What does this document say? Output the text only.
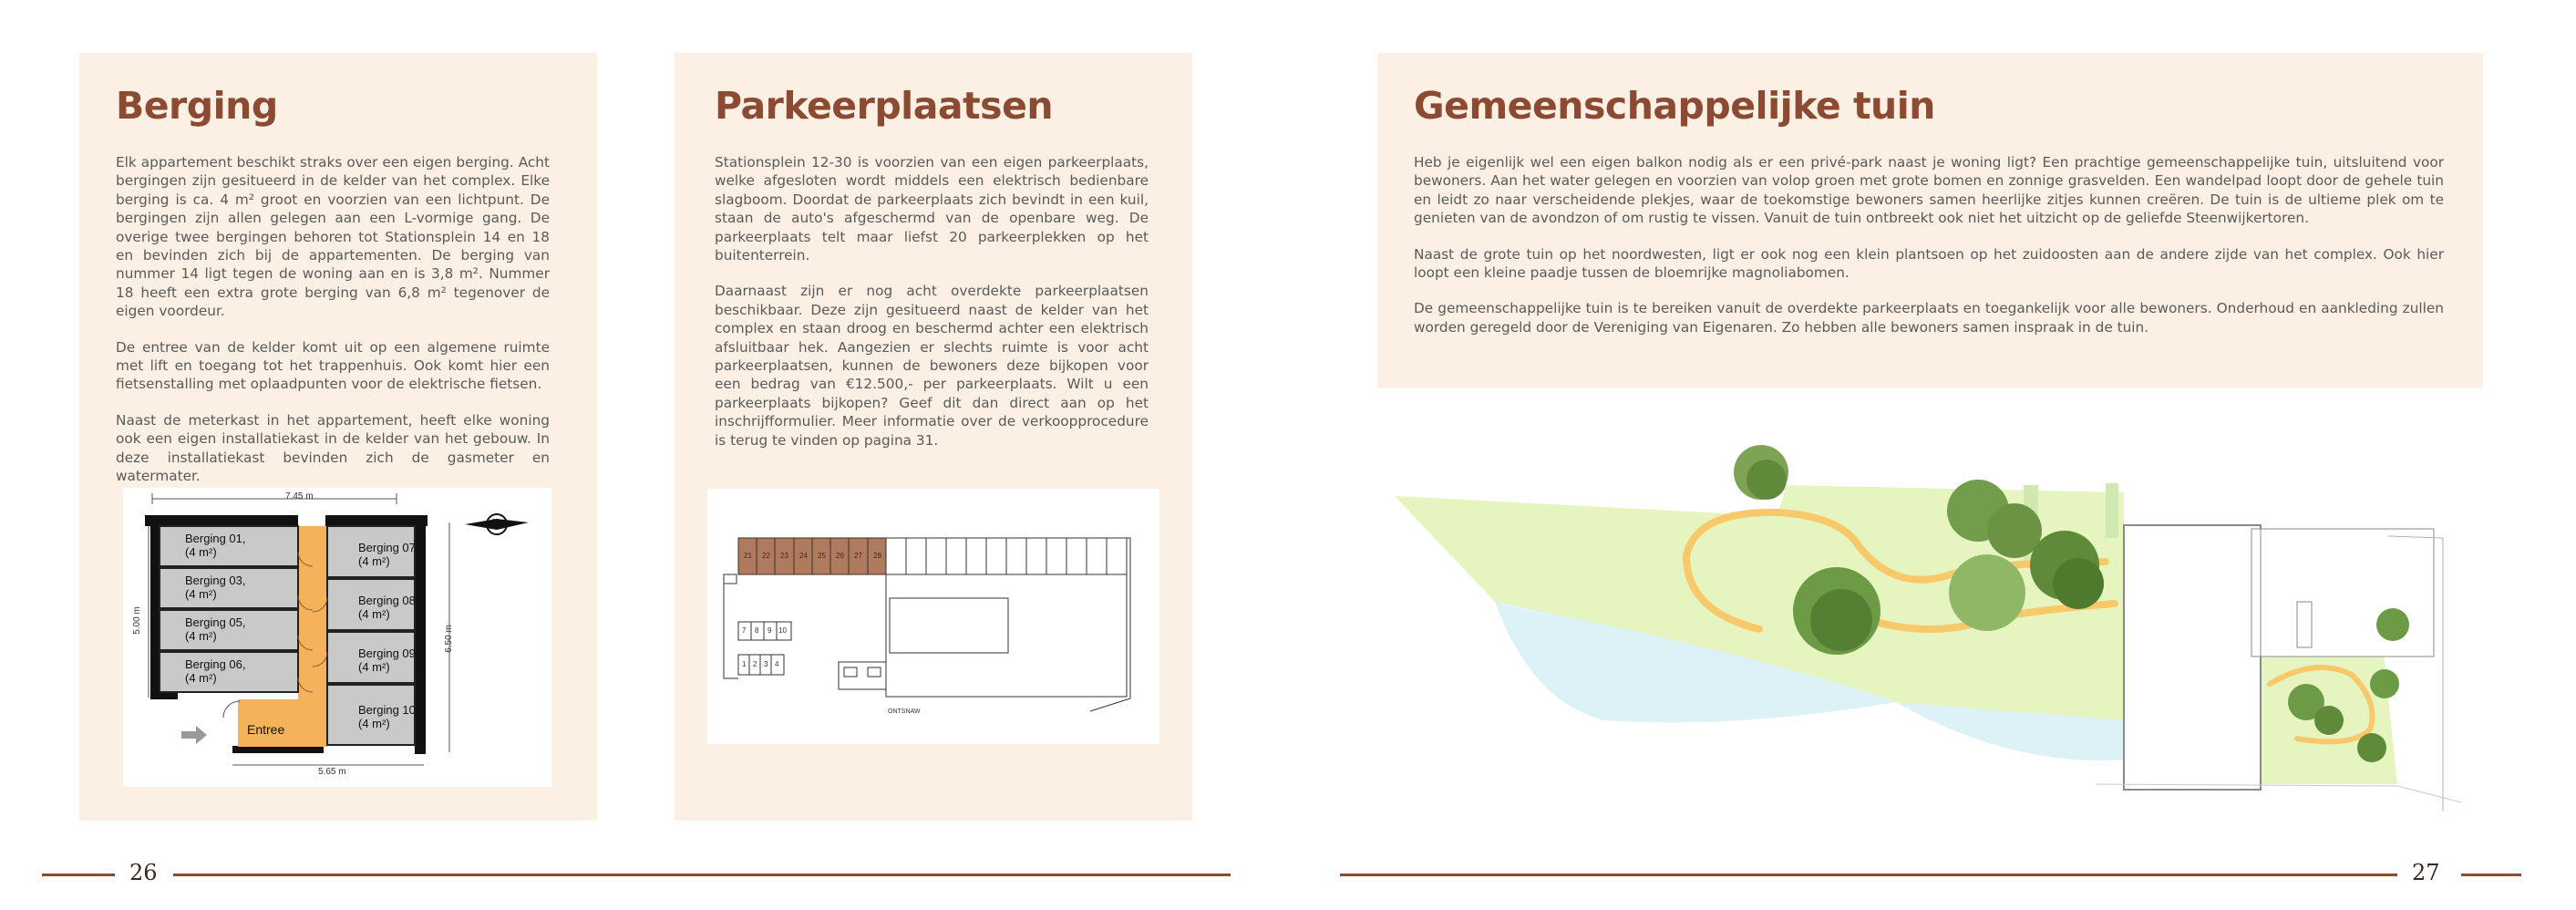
Berging

Elk appartement beschikt straks over een eigen berging. Acht bergingen zijn gesitueerd in de kelder van het complex. Elke berging is ca. 4 m² groot en voorzien van een lichtpunt. De bergingen zijn allen gelegen aan een L-vormige gang. De overige twee bergingen behoren tot Stationsplein 14 en 18 en bevinden zich bij de appartementen. De berging van nummer 14 ligt tegen de woning aan en is 3,8 m². Nummer 18 heeft een extra grote berging van 6,8 m² tegenover de eigen voordeur.

De entree van de kelder komt uit op een algemene ruimte met lift en toegang tot het trappenhuis. Ook komt hier een fietsenstalling met oplaadpunten voor de elektrische fietsen.

Naast de meterkast in het appartement, heeft elke woning ook een eigen installatiekast in de kelder van het gebouw. In deze installatiekast bevinden zich de gasmeter en watermater.

7.45 m
5.00 m
6.50 m
5.65 m
N
Berging 01,
(4 m²)
Berging 03,
(4 m²)
Berging 05,
(4 m²)
Berging 06,
(4 m²)
Berging 07,
(4 m²)
Berging 08,
(4 m²)
Berging 09,
(4 m²)
Berging 10,
(4 m²)
Entree
Parkeerplaatsen

Stationsplein 12-30 is voorzien van een eigen parkeerplaats, welke afgesloten wordt middels een elektrisch bedienbare slagboom. Doordat de parkeerplaats zich bevindt in een kuil, staan de auto's afgeschermd van de openbare weg. De parkeerplaats telt maar liefst 20 parkeerplekken op het buitenterrein.

Daarnaast zijn er nog acht overdekte parkeerplaatsen beschikbaar. Deze zijn gesitueerd naast de kelder van het complex en staan droog en beschermd achter een elektrisch afsluitbaar hek. Aangezien er slechts ruimte is voor acht parkeerplaatsen, kunnen de bewoners deze bijkopen voor een bedrag van €12.500,- per parkeerplaats. Wilt u een parkeerplaats bijkopen? Geef dit dan direct aan op het inschrijfformulier. Meer informatie over de verkoopprocedure is terug te vinden op pagina 31.

21 22 23 24 25 26 27 28
7 8 9 10
1 2 3 4
ONTSNAW
26
Gemeenschappelijke tuin

Heb je eigenlijk wel een eigen balkon nodig als er een privé-park naast je woning ligt? Een prachtige gemeenschappelijke tuin, uitsluitend voor bewoners. Aan het water gelegen en voorzien van volop groen met grote bomen en zonnige grasvelden. Een wandelpad loopt door de gehele tuin en leidt zo naar verscheidende plekjes, waar de toekomstige bewoners samen heerlijke zitjes kunnen creëren. De tuin is de ultieme plek om te genieten van de avondzon of om rustig te vissen. Vanuit de tuin ontbreekt ook niet het uitzicht op de geliefde Steenwijkertoren.

Naast de grote tuin op het noordwesten, ligt er ook nog een klein plantsoen op het zuidoosten aan de andere zijde van het complex. Ook hier loopt een kleine paadje tussen de bloemrijke magnoliabomen.

De gemeenschappelijke tuin is te bereiken vanuit de overdekte parkeerplaats en toegankelijk voor alle bewoners. Onderhoud en aankleding zullen worden geregeld door de Vereniging van Eigenaren. Zo hebben alle bewoners samen inspraak in de tuin.

27
